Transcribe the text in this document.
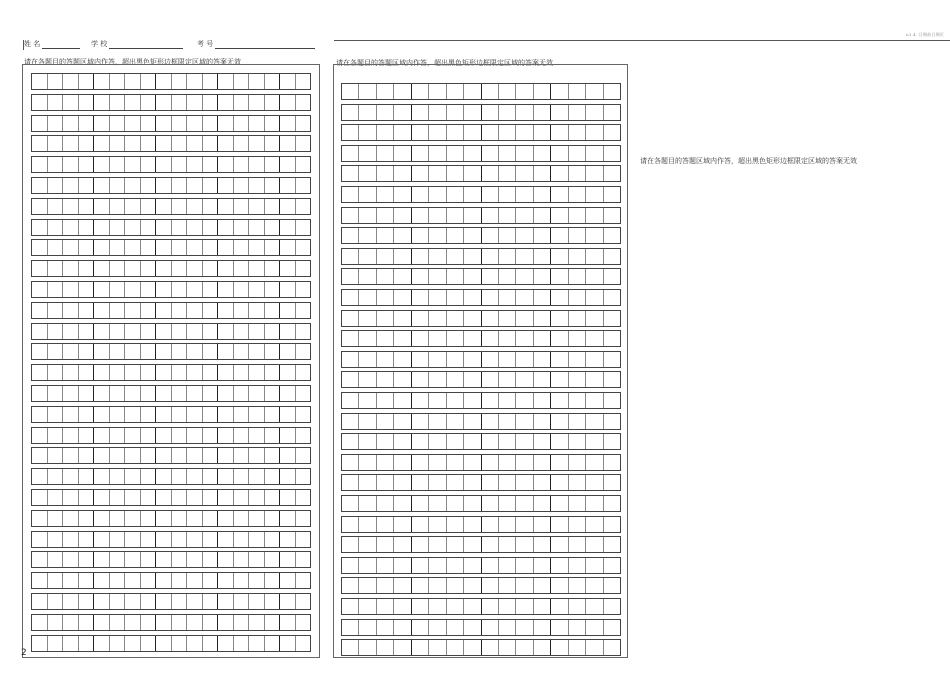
u1.4. 日期前日期页
姓 名	学 校	考 号
请在各题目的答题区域内作答，超出黑色矩形边框限定区域的答案无效	请在各题目的答题区域内作答，超出黑色矩形边框限定区域的答案无效
请在各题目的答题区域内作答，超出黑色矩形边框限定区域的答案无效
2
